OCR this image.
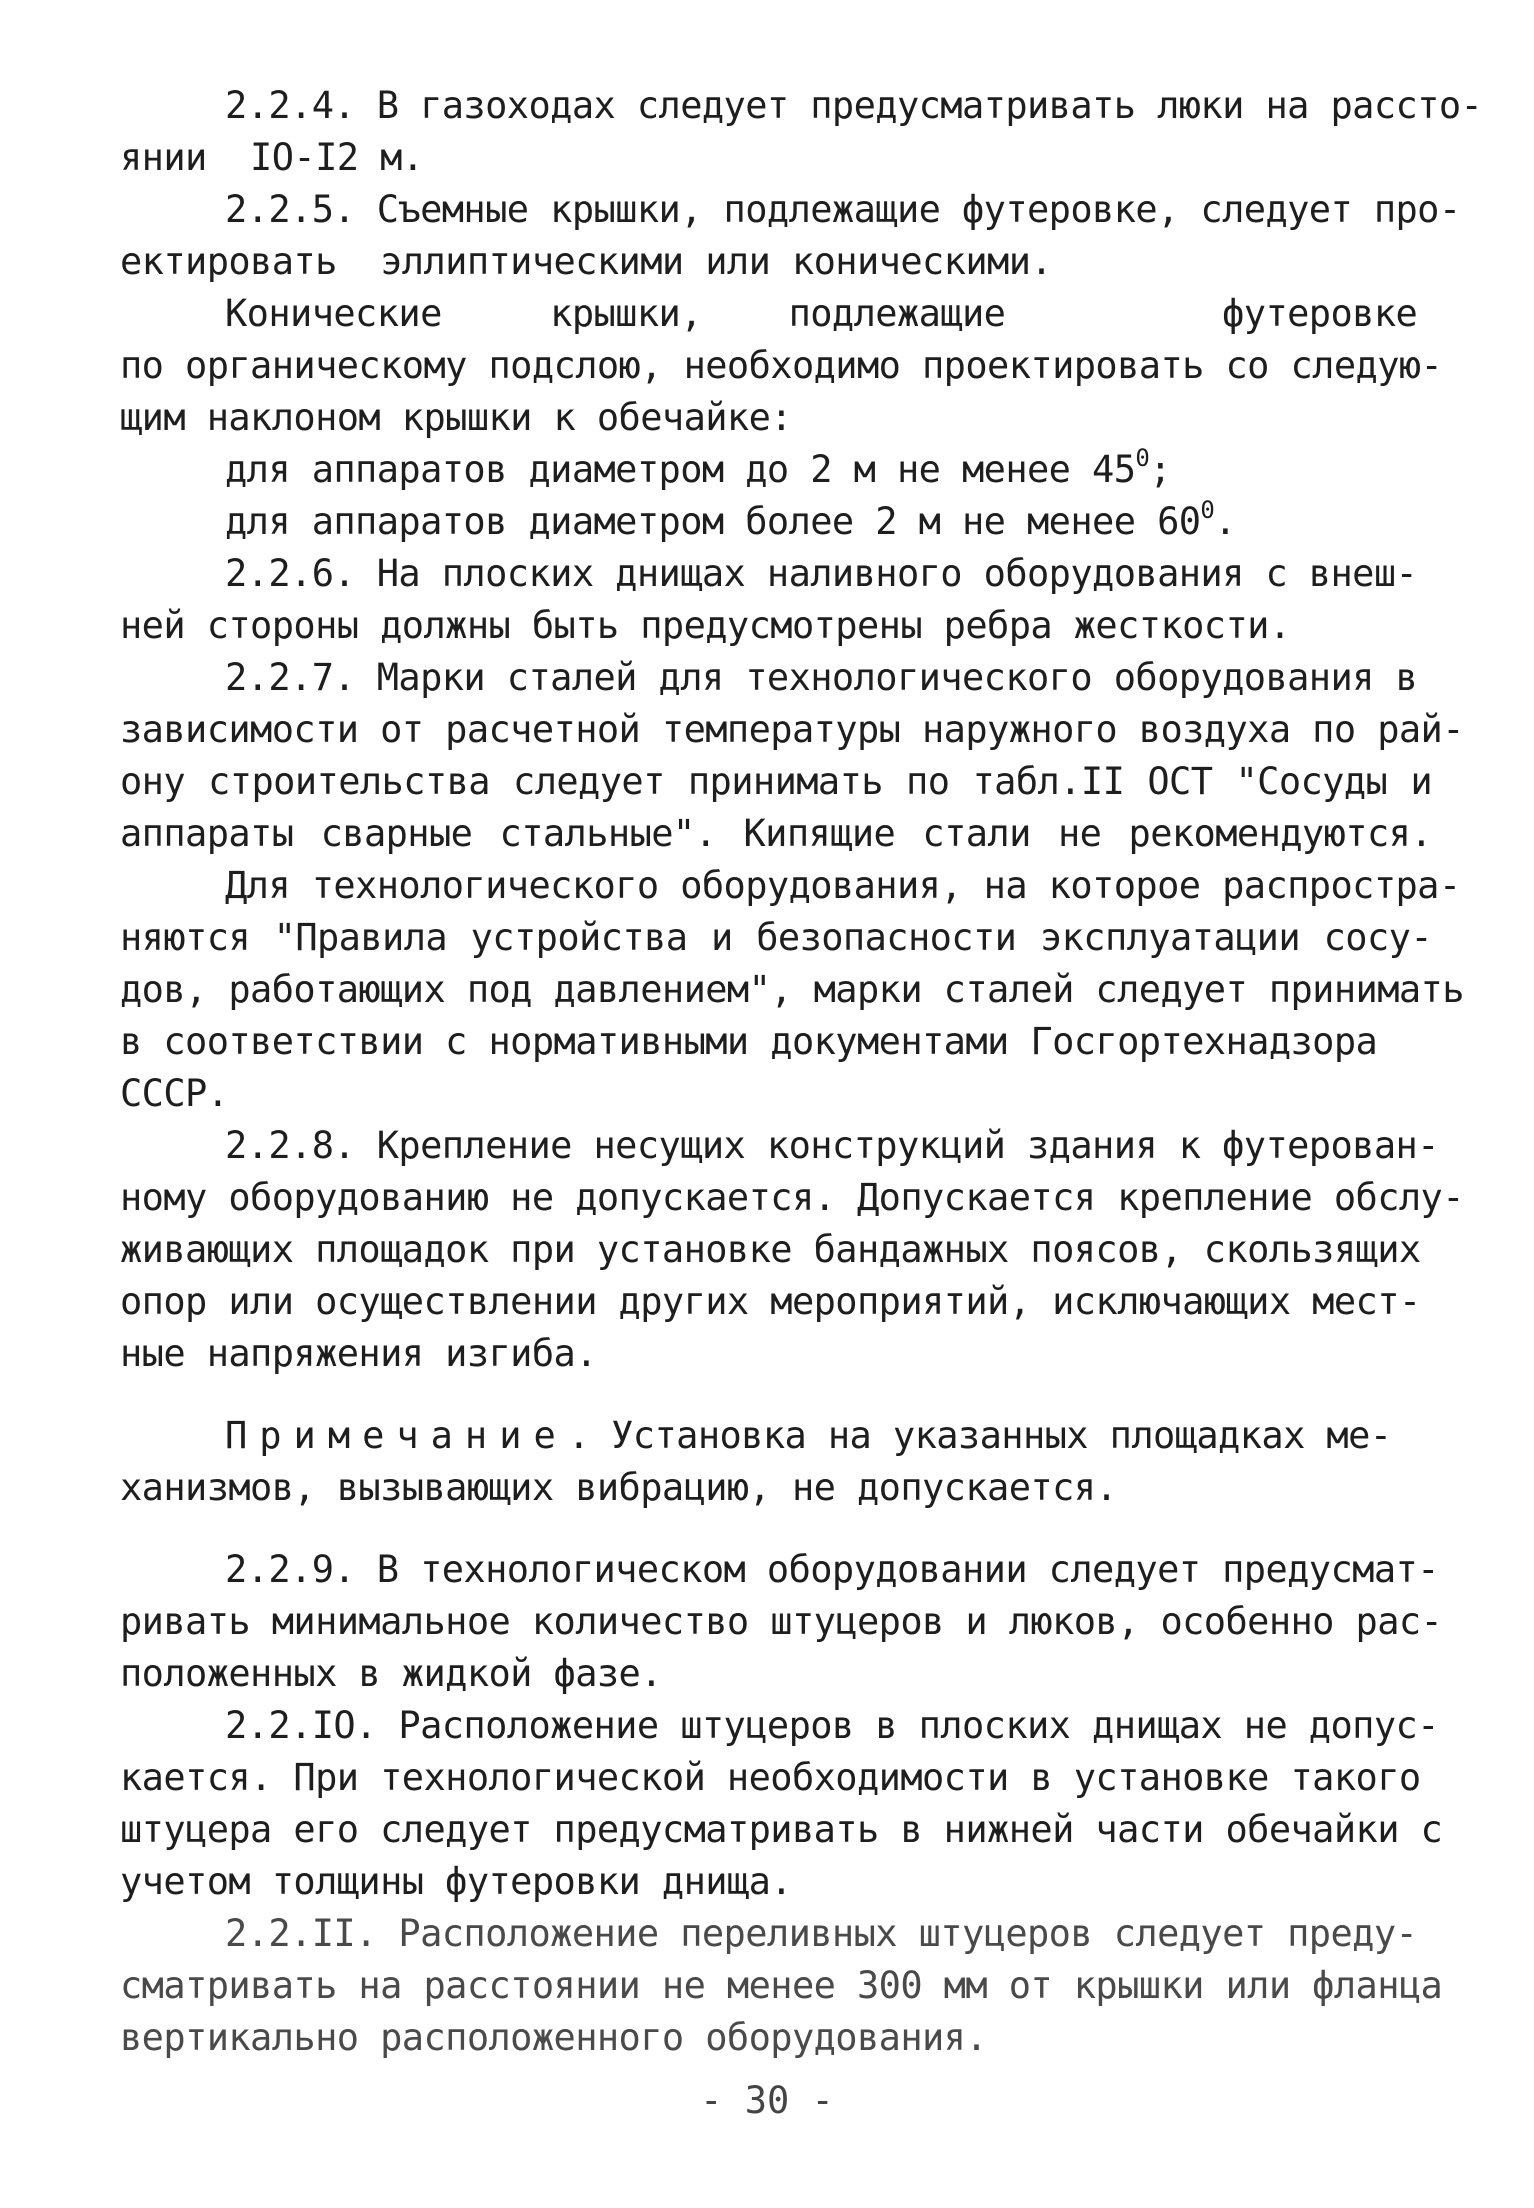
2.2.4. В газоходах следует предусматривать люки на рассто-
янии  IO-I2 м.
2.2.5. Съемные крышки, подлежащие футеровке, следует про-
ектировать  эллиптическими или коническими.
Конические     крышки,    подлежащие          футеровке
по органическому подслою, необходимо проектировать со следую-
щим наклоном крышки к обечайке:
для аппаратов диаметром до 2 м не менее $45^0$;
для аппаратов диаметром более 2 м не менее $60^0$.
2.2.6. На плоских днищах наливного оборудования с внеш-
ней стороны должны быть предусмотрены ребра жесткости.
2.2.7. Марки сталей для технологического оборудования в
зависимости от расчетной температуры наружного воздуха по рай-
ону строительства следует принимать по табл.II ОСТ "Сосуды и
аппараты сварные стальные". Кипящие стали не рекомендуются.
Для технологического оборудования, на которое распростра-
няются "Правила устройства и безопасности эксплуатации сосу-
дов, работающих под давлением", марки сталей следует принимать
в соответствии с нормативными документами Госгортехнадзора
СССР.
2.2.8. Крепление несущих конструкций здания к футерован-
ному оборудованию не допускается. Допускается крепление обслу-
живающих площадок при установке бандажных поясов, скользящих
опор или осуществлении других мероприятий, исключающих мест-
ные напряжения изгиба.
Примечание. Установка на указанных площадках ме-
ханизмов, вызывающих вибрацию, не допускается.
2.2.9. В технологическом оборудовании следует предусмат-
ривать минимальное количество штуцеров и люков, особенно рас-
положенных в жидкой фазе.
2.2.IO. Расположение штуцеров в плоских днищах не допус-
кается. При технологической необходимости в установке такого
штуцера его следует предусматривать в нижней части обечайки с
учетом толщины футеровки днища.
2.2.II. Расположение переливных штуцеров следует преду-
сматривать на расстоянии не менее 300 мм от крышки или фланца
вертикально расположенного оборудования.
- 30 -
